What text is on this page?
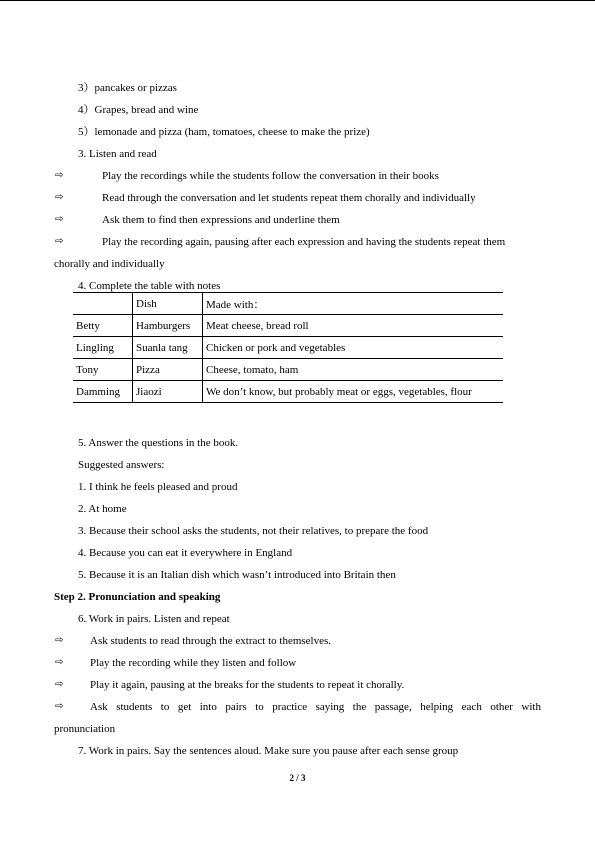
3）pancakes or pizzas
4）Grapes, bread and wine
5）lemonade and pizza (ham, tomatoes, cheese to make the prize)
3. Listen and read
⇨	Play the recordings while the students follow the conversation in their books
⇨	Read through the conversation and let students repeat them chorally and individually
⇨	Ask them to find then expressions and underline them
⇨	Play the recording again, pausing after each expression and having the students repeat them
chorally and individually
4. Complete the table with notes
	Dish	Made with：
Betty	Hamburgers	Meat cheese, bread roll
Lingling	Suanla tang	Chicken or pork and vegetables
Tony	Pizza	Cheese, tomato, ham
Damming	Jiaozi	We don’t know, but probably meat or eggs, vegetables, flour
5. Answer the questions in the book.
Suggested answers:
1. I think he feels pleased and proud
2. At home
3. Because their school asks the students, not their relatives, to prepare the food
4. Because you can eat it everywhere in England
5. Because it is an Italian dish which wasn’t introduced into Britain then
Step 2. Pronunciation and speaking
6. Work in pairs. Listen and repeat
⇨ Ask students to read through the extract to themselves.
⇨ Play the recording while they listen and follow
⇨ Play it again, pausing at the breaks for the students to repeat it chorally.
⇨ Ask students to get into pairs to practice saying the passage, helping each other with
pronunciation
7. Work in pairs. Say the sentences aloud. Make sure you pause after each sense group
2 / 3
